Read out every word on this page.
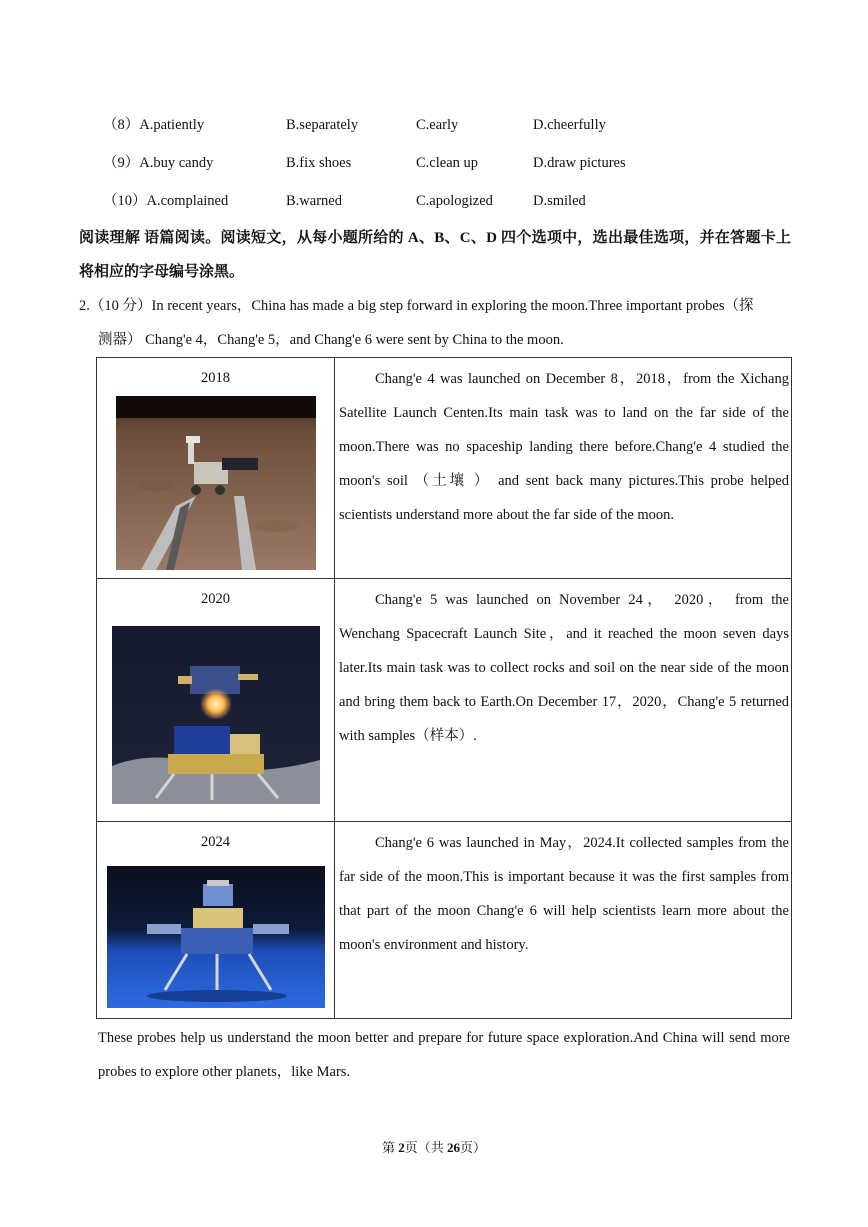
（8）A.patiently	B.separately	C.early	D.cheerfully
（9）A.buy candy	B.fix shoes	C.clean up	D.draw pictures
（10）A.complained	B.warned	C.apologized	D.smiled
阅读理解 语篇阅读。阅读短文，从每小题所给的 A、B、C、D 四个选项中，选出最佳选项，并在答题卡上将相应的字母编号涂黑。
2.（10 分）In recent years，China has made a big step forward in exploring the moon.Three important probes（探
测器） Chang'e 4，Chang'e 5，and Chang'e 6 were sent by China to the moon.
2018	Chang'e 4 was launched on December 8，2018，from the Xichang Satellite Launch Centen.Its main task was to land on the far side of the moon.There was no spaceship landing there before.Chang'e 4 studied the moon's soil （土壤 ） and sent back many pictures.This probe helped scientists understand more about the far side of the moon.

2020	Chang'e 5 was launched on November 24， 2020， from the Wenchang Spacecraft Launch Site，and it reached the moon seven days later.Its main task was to collect rocks and soil on the near side of the moon and bring them back to Earth.On December 17，2020，Chang'e 5 returned with samples（样本）.

2024	Chang'e 6 was launched in May，2024.It collected samples from the far side of the moon.This is important because it was the first samples from that part of the moon Chang'e 6 will help scientists learn more about the moon's environment and history.

These probes help us understand the moon better and prepare for future space exploration.And China will send more probes to explore other planets，like Mars.
第 2页（共 26页）
